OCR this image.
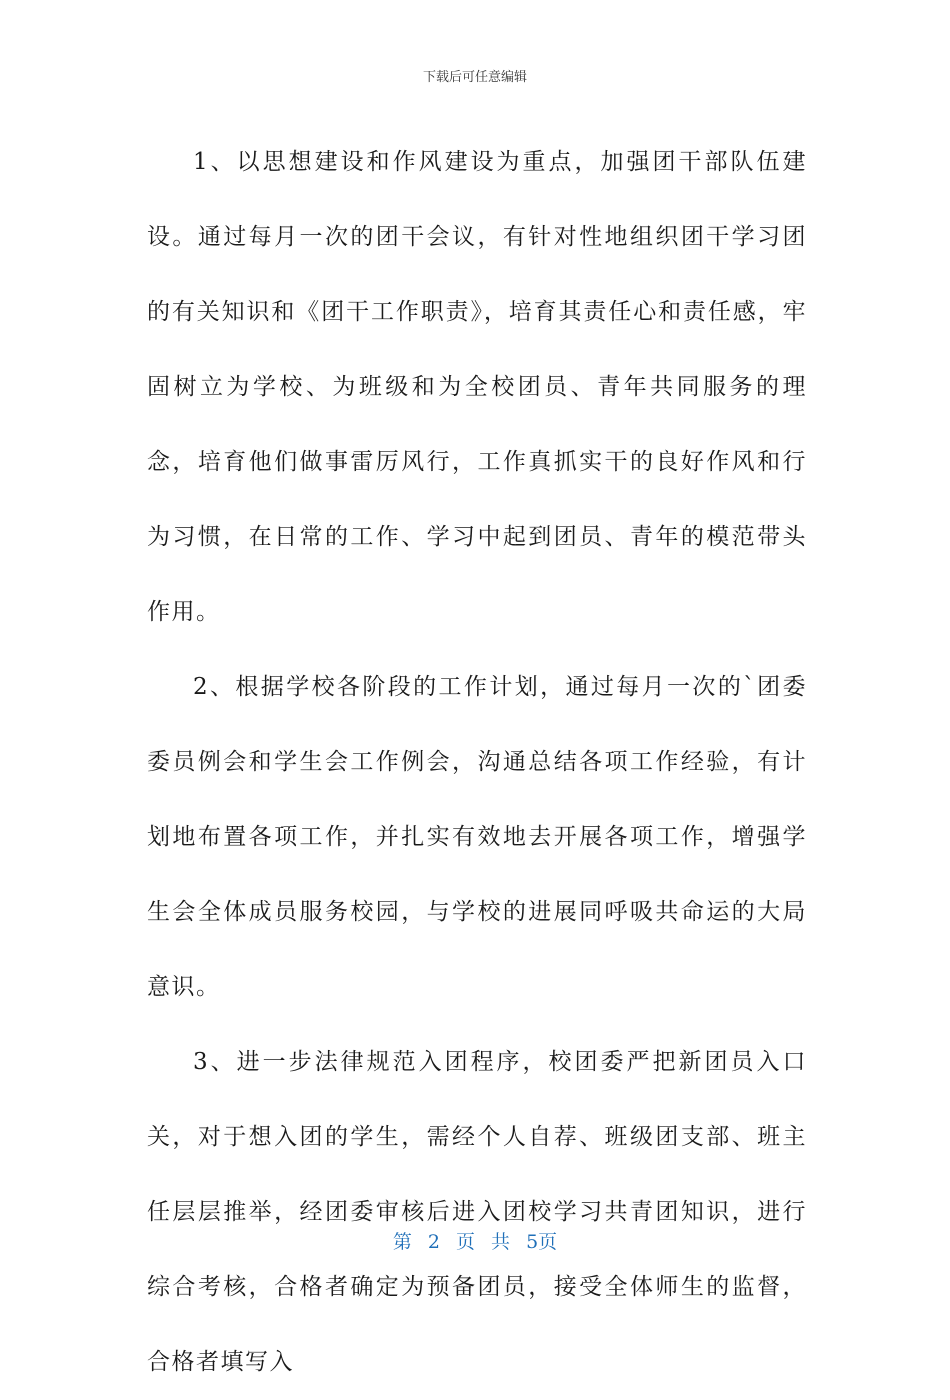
下载后可任意编辑

1、以思想建设和作风建设为重点，加强团干部队伍建设。通过每月一次的团干会议，有针对性地组织团干学习团的有关知识和《团干工作职责》，培育其责任心和责任感，牢固树立为学校、为班级和为全校团员、青年共同服务的理念，培育他们做事雷厉风行，工作真抓实干的良好作风和行为习惯，在日常的工作、学习中起到团员、青年的模范带头作用。

2、根据学校各阶段的工作计划，通过每月一次的`团委委员例会和学生会工作例会，沟通总结各项工作经验，有计划地布置各项工作，并扎实有效地去开展各项工作，增强学生会全体成员服务校园，与学校的进展同呼吸共命运的大局意识。

3、进一步法律规范入团程序，校团委严把新团员入口关，对于想入团的学生，需经个人自荐、班级团支部、班主任层层推举，经团委审核后进入团校学习共青团知识，进行综合考核，合格者确定为预备团员，接受全体师生的监督，合格者填写入

第 2 页 共 5页
